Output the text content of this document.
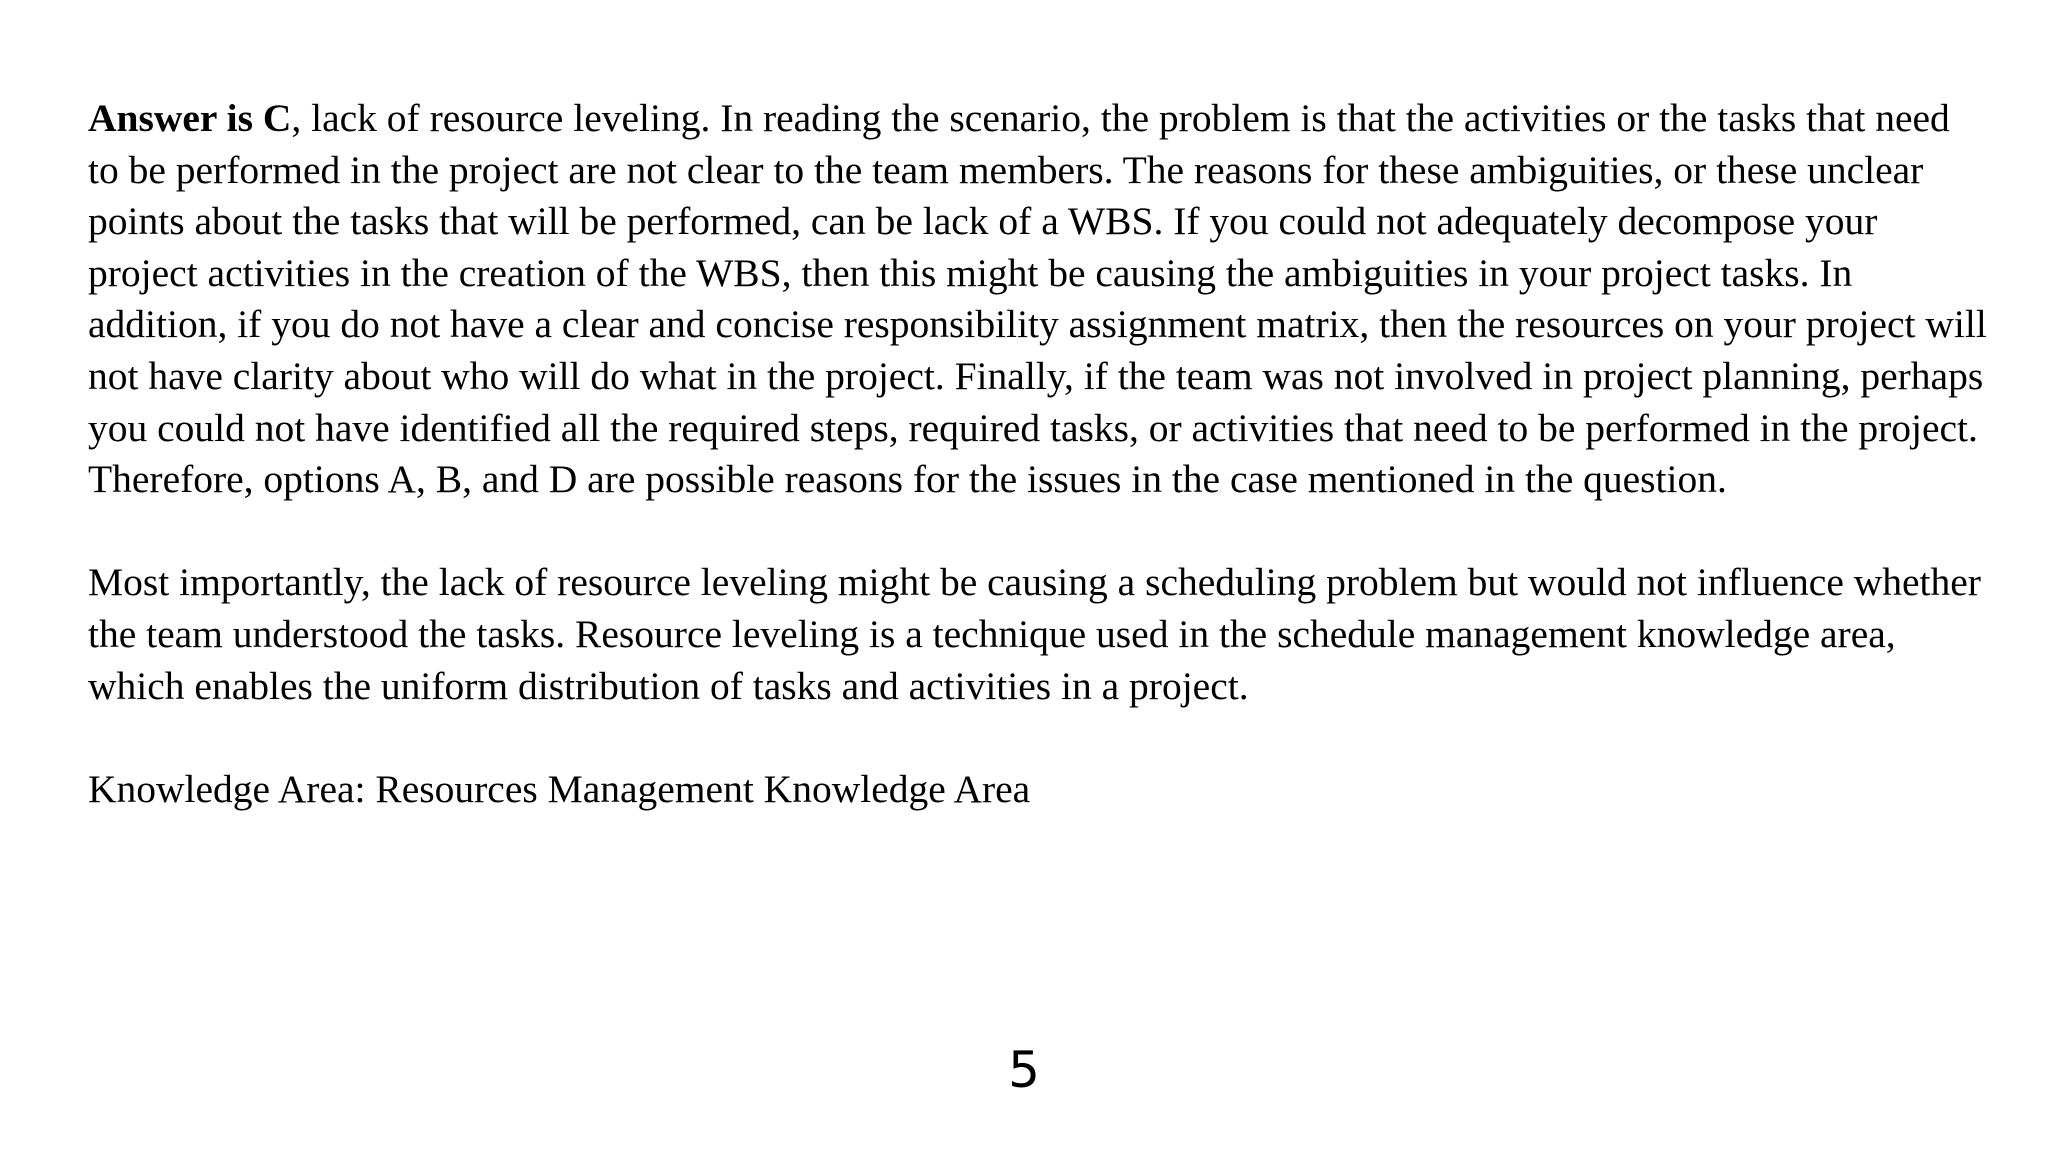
Answer is C, lack of resource leveling. In reading the scenario, the problem is that the activities or the tasks that need to be performed in the project are not clear to the team members. The reasons for these ambiguities, or these unclear points about the tasks that will be performed, can be lack of a WBS. If you could not adequately decompose your project activities in the creation of the WBS, then this might be causing the ambiguities in your project tasks. In addition, if you do not have a clear and concise responsibility assignment matrix, then the resources on your project will not have clarity about who will do what in the project. Finally, if the team was not involved in project planning, perhaps you could not have identified all the required steps, required tasks, or activities that need to be performed in the project. Therefore, options A, B, and D are possible reasons for the issues in the case mentioned in the question.

Most importantly, the lack of resource leveling might be causing a scheduling problem but would not influence whether the team understood the tasks. Resource leveling is a technique used in the schedule management knowledge area, which enables the uniform distribution of tasks and activities in a project.

Knowledge Area: Resources Management Knowledge Area

5
